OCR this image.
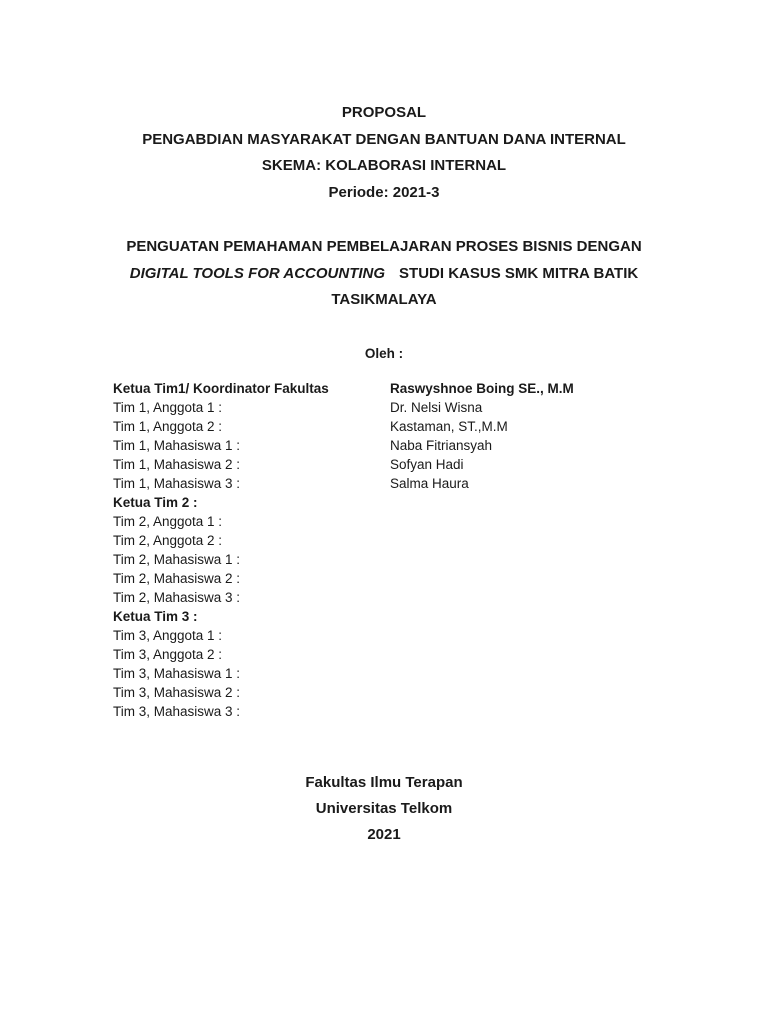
PROPOSAL
PENGABDIAN MASYARAKAT DENGAN BANTUAN DANA INTERNAL
SKEMA: KOLABORASI INTERNAL
Periode: 2021-3
PENGUATAN PEMAHAMAN PEMBELAJARAN PROSES BISNIS DENGAN
DIGITAL TOOLS FOR ACCOUNTING STUDI KASUS SMK MITRA BATIK
TASIKMALAYA
Oleh :
Ketua Tim1/ Koordinator Fakultas	Raswyshnoe Boing SE., M.M
Tim 1, Anggota 1 :	Dr. Nelsi Wisna
Tim 1, Anggota 2 :	Kastaman, ST.,M.M
Tim 1, Mahasiswa 1 :	Naba Fitriansyah
Tim 1, Mahasiswa 2 :	Sofyan Hadi
Tim 1, Mahasiswa 3 :	Salma Haura
Ketua Tim 2 :
Tim 2, Anggota 1 :
Tim 2, Anggota 2 :
Tim 2, Mahasiswa 1 :
Tim 2, Mahasiswa 2 :
Tim 2, Mahasiswa 3 :
Ketua Tim 3 :
Tim 3, Anggota 1 :
Tim 3, Anggota 2 :
Tim 3, Mahasiswa 1 :
Tim 3, Mahasiswa 2 :
Tim 3, Mahasiswa 3 :
Fakultas Ilmu Terapan
Universitas Telkom
2021
